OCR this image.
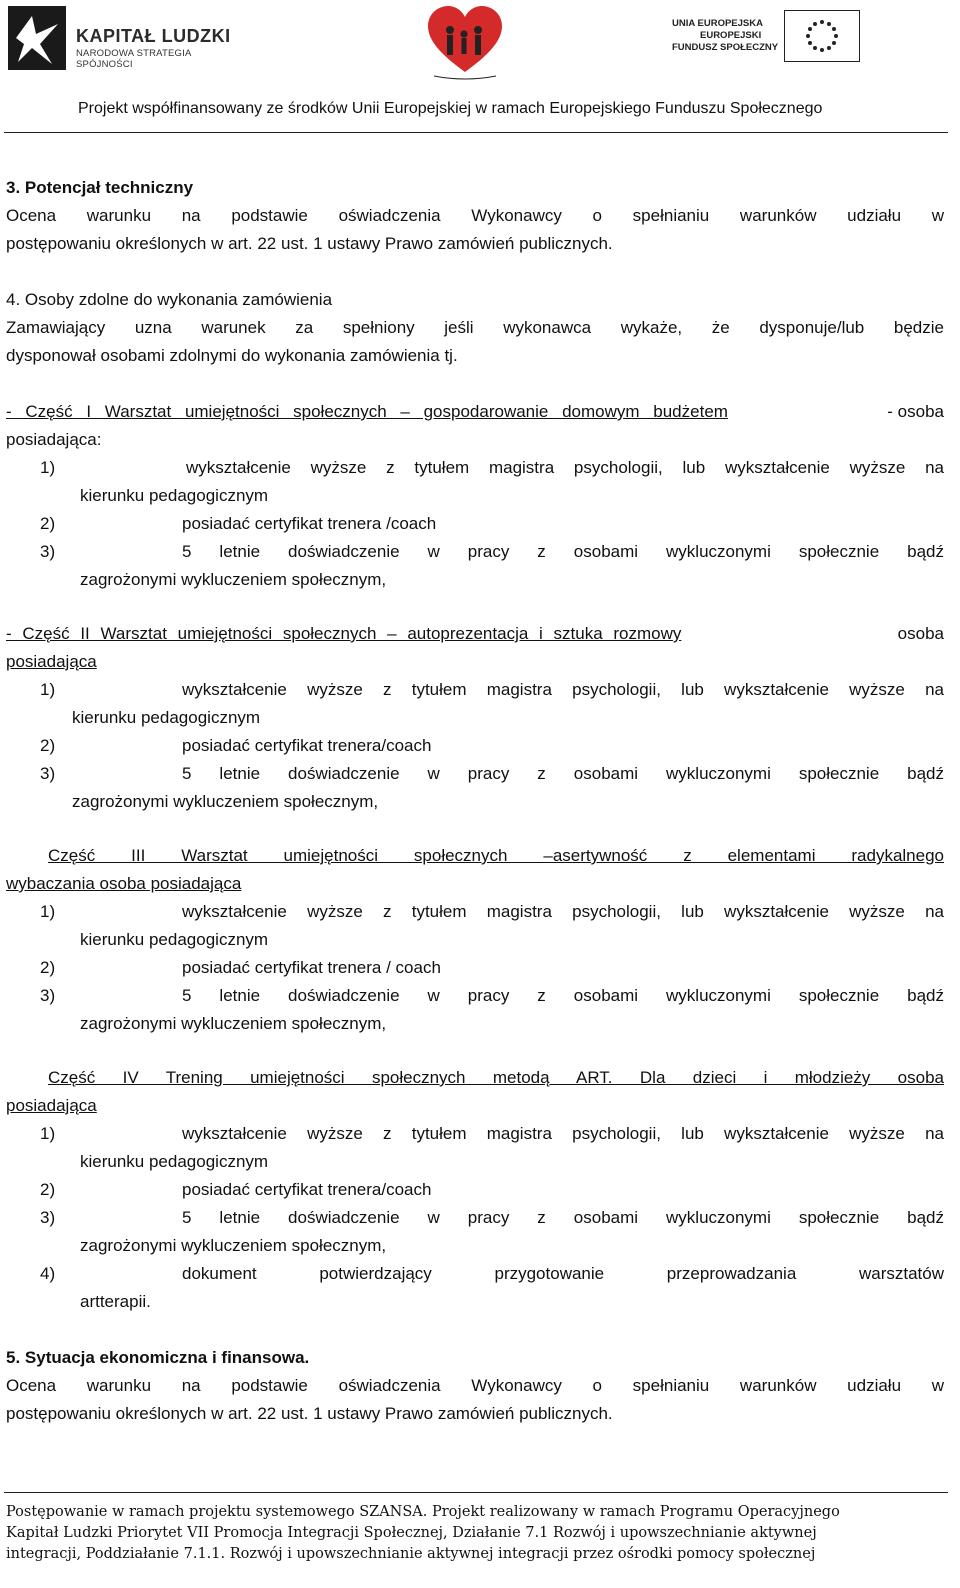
KAPITAŁ LUDZKI
NARODOWA STRATEGIA SPÓJNOŚCI
UNIA EUROPEJSKA
EUROPEJSKI
FUNDUSZ SPOŁECZNY
Projekt współfinansowany ze środków Unii Europejskiej w ramach Europejskiego Funduszu Społecznego
3. Potencjał techniczny
Ocena warunku na podstawie oświadczenia Wykonawcy o spełnianiu warunków udziału w
postępowaniu określonych w art. 22 ust. 1 ustawy Prawo zamówień publicznych.
4. Osoby zdolne do wykonania zamówienia
Zamawiający uzna warunek za spełniony jeśli wykonawca wykaże, że dysponuje/lub będzie
dysponował osobami zdolnymi do wykonania zamówienia tj.
- Część I Warsztat umiejętności społecznych – gospodarowanie domowym budżetem	- osoba
posiadająca:
1)	wykształcenie wyższe z tytułem magistra psychologii, lub wykształcenie wyższe na
kierunku pedagogicznym
2)	posiadać certyfikat trenera /coach
3)	5 letnie doświadczenie w pracy z osobami wykluczonymi społecznie bądź
zagrożonymi wykluczeniem społecznym,
- Część II Warsztat umiejętności społecznych – autoprezentacja i sztuka rozmowy	osoba
posiadająca
1)	wykształcenie wyższe z tytułem magistra psychologii, lub wykształcenie wyższe na
kierunku pedagogicznym
2)	posiadać certyfikat trenera/coach
3)	5 letnie doświadczenie w pracy z osobami wykluczonymi społecznie bądź
zagrożonymi wykluczeniem społecznym,
Część III Warsztat umiejętności społecznych –asertywność z elementami radykalnego
wybaczania osoba posiadająca
1)	wykształcenie wyższe z tytułem magistra psychologii, lub wykształcenie wyższe na
kierunku pedagogicznym
2)	posiadać certyfikat trenera / coach
3)	5 letnie doświadczenie w pracy z osobami wykluczonymi społecznie bądź
zagrożonymi wykluczeniem społecznym,
Część IV Trening umiejętności społecznych metodą ART. Dla dzieci i młodzieży osoba
posiadająca
1)	wykształcenie wyższe z tytułem magistra psychologii, lub wykształcenie wyższe na
kierunku pedagogicznym
2)	posiadać certyfikat trenera/coach
3)	5 letnie doświadczenie w pracy z osobami wykluczonymi społecznie bądź
zagrożonymi wykluczeniem społecznym,
4)	dokument potwierdzający przygotowanie przeprowadzania warsztatów
artterapii.
5. Sytuacja ekonomiczna i finansowa.
Ocena warunku na podstawie oświadczenia Wykonawcy o spełnianiu warunków udziału w
postępowaniu określonych w art. 22 ust. 1 ustawy Prawo zamówień publicznych.
Postępowanie w ramach projektu systemowego SZANSA. Projekt realizowany w ramach Programu Operacyjnego
Kapitał Ludzki Priorytet VII Promocja Integracji Społecznej, Działanie 7.1 Rozwój i upowszechnianie aktywnej
integracji, Poddziałanie 7.1.1. Rozwój i upowszechnianie aktywnej integracji przez ośrodki pomocy społecznej
